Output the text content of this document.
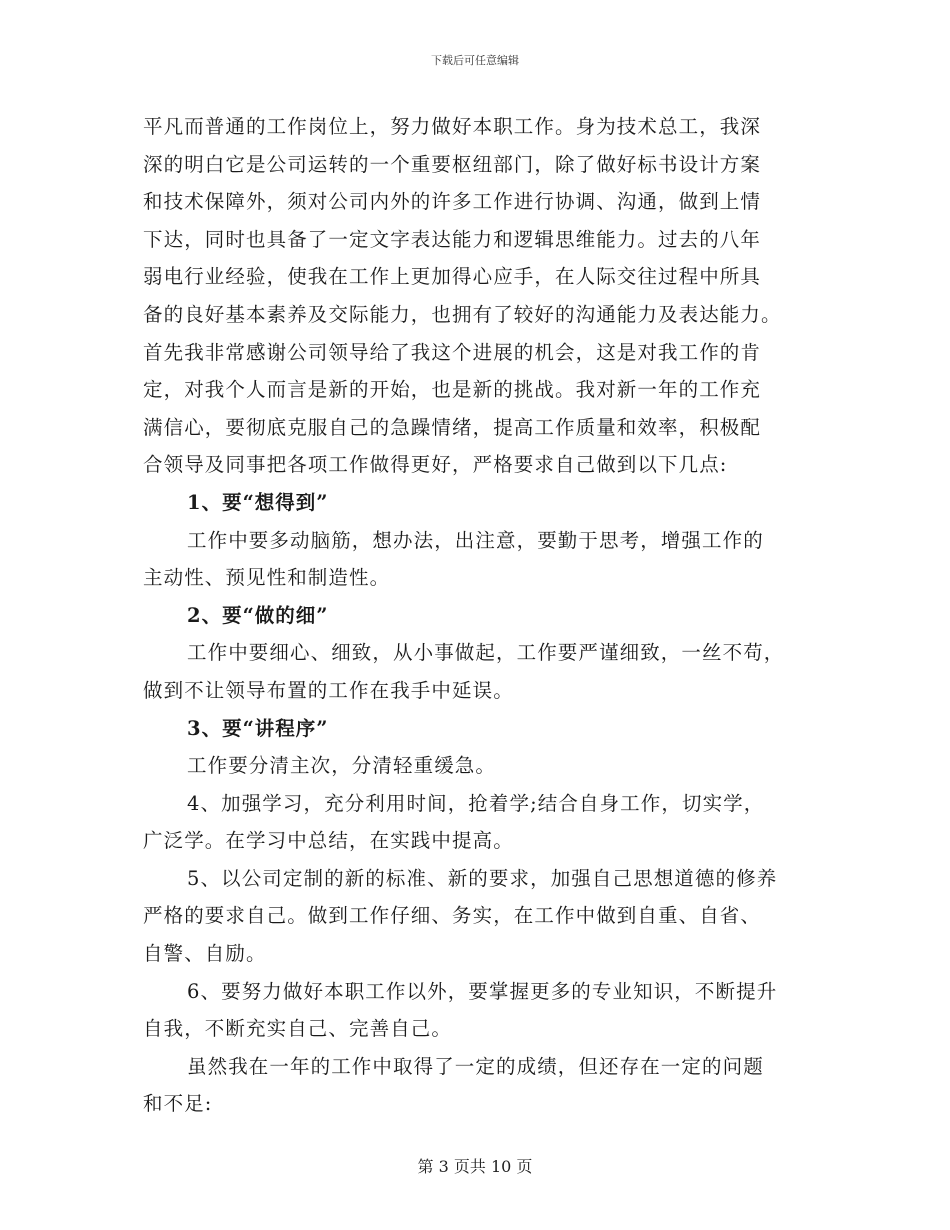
下载后可任意编辑

平凡而普通的工作岗位上，努力做好本职工作。身为技术总工，我深
深的明白它是公司运转的一个重要枢纽部门，除了做好标书设计方案
和技术保障外，须对公司内外的许多工作进行协调、沟通，做到上情
下达，同时也具备了一定文字表达能力和逻辑思维能力。过去的八年
弱电行业经验，使我在工作上更加得心应手，在人际交往过程中所具
备的良好基本素养及交际能力，也拥有了较好的沟通能力及表达能力。
首先我非常感谢公司领导给了我这个进展的机会，这是对我工作的肯
定，对我个人而言是新的开始，也是新的挑战。我对新一年的工作充
满信心，要彻底克服自己的急躁情绪，提高工作质量和效率，积极配
合领导及同事把各项工作做得更好，严格要求自己做到以下几点:

1、要“想得到”

工作中要多动脑筋，想办法，出注意，要勤于思考，增强工作的
主动性、预见性和制造性。

2、要“做的细”

工作中要细心、细致，从小事做起，工作要严谨细致，一丝不苟，
做到不让领导布置的工作在我手中延误。

3、要“讲程序”

工作要分清主次，分清轻重缓急。

4、加强学习，充分利用时间，抢着学;结合自身工作，切实学，
广泛学。在学习中总结，在实践中提高。

5、以公司定制的新的标准、新的要求，加强自己思想道德的修养
严格的要求自己。做到工作仔细、务实，在工作中做到自重、自省、
自警、自励。

6、要努力做好本职工作以外，要掌握更多的专业知识，不断提升
自我，不断充实自己、完善自己。

虽然我在一年的工作中取得了一定的成绩，但还存在一定的问题
和不足:

第 3 页共 10 页
